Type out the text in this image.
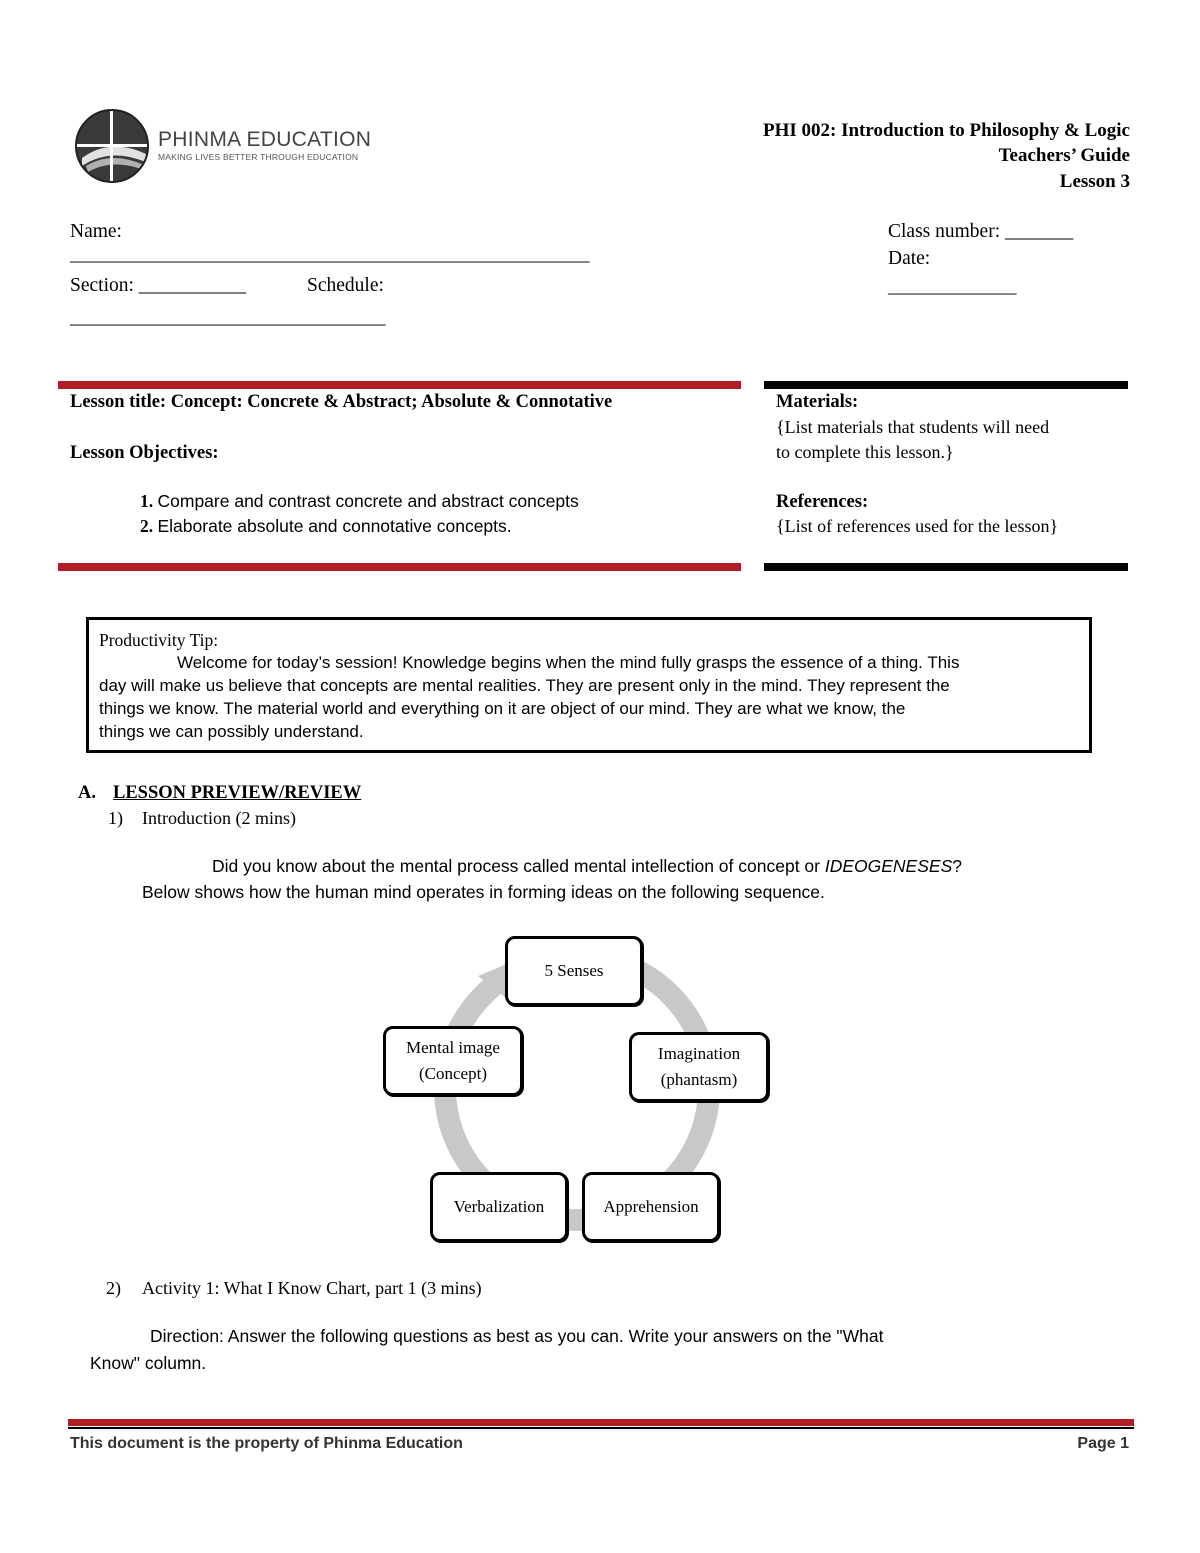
PHINMA EDUCATION
MAKING LIVES BETTER THROUGH EDUCATION
PHI 002: Introduction to Philosophy & Logic
Teachers’ Guide
Lesson 3
Name:
_____________________________________________________________
Class number: _______
Date:
_______________
Section: ___________	Schedule:
_____________________________________
Lesson title: Concept: Concrete & Abstract; Absolute & Connotative
Lesson Objectives:
1. Compare and contrast concrete and abstract concepts
2. Elaborate absolute and connotative concepts.
Materials:
{List materials that students will need
to complete this lesson.}
References:
{List of references used for the lesson}
Productivity Tip:
Welcome for today’s session! Knowledge begins when the mind fully grasps the essence of a thing. This
day will make us believe that concepts are mental realities. They are present only in the mind. They represent the
things we know. The material world and everything on it are object of our mind. They are what we know, the
things we can possibly understand.
A. LESSON PREVIEW/REVIEW
1) Introduction (2 mins)
Did you know about the mental process called mental intellection of concept or IDEOGENESES?
Below shows how the human mind operates in forming ideas on the following sequence.
5 Senses
Imagination
(phantasm)
Apprehension
Verbalization
Mental image
(Concept)
2) Activity 1: What I Know Chart, part 1 (3 mins)
Direction: Answer the following questions as best as you can. Write your answers on the "What
Know" column.
This document is the property of Phinma Education	Page 1
